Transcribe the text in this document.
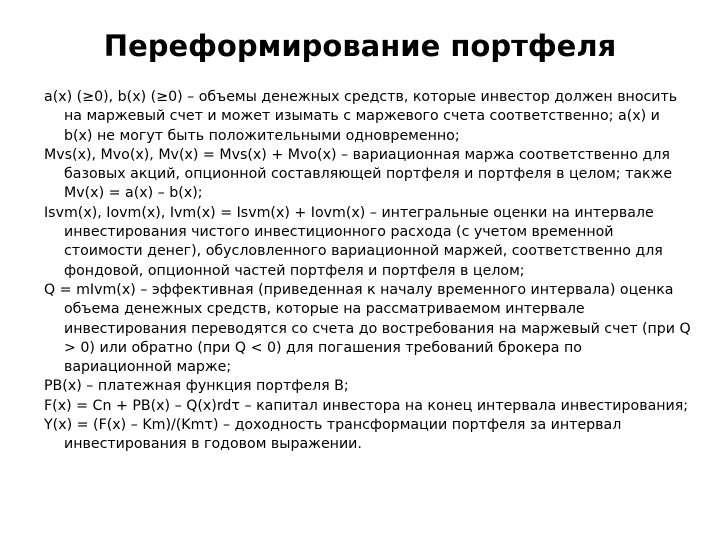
Переформирование портфеля

a(x) (≥0), b(x) (≥0) – объемы денежных средств, которые инвестор должен вносить на маржевый счет и может изымать с маржевого счета соответственно; a(x) и b(x) не могут быть положительными одновременно;

Mvs(x), Mvo(x), Mv(x) = Mvs(x) + Mvo(x) – вариационная маржа соответственно для базовых акций, опционной составляющей портфеля и портфеля в целом; также Mv(x) = a(x) – b(x);

Isvm(x), Iovm(x), Ivm(x) = Isvm(x) + Iovm(x) – интегральные оценки на интервале инвестирования чистого инвестиционного расхода (с учетом временной стоимости денег), обусловленного вариационной маржей, соответственно для фондовой, опционной частей портфеля и портфеля в целом;

Q = mIvm(x) – эффективная (приведенная к началу временного интервала) оценка объема денежных средств, которые на рассматриваемом интервале инвестирования переводятся со счета до востребования на маржевый счет (при Q > 0) или обратно (при Q < 0) для погашения требований брокера по вариационной марже;

PB(x) – платежная функция портфеля B;

F(x) = Cn + PB(x) – Q(x)rdτ – капитал инвестора на конец интервала инвестирования;

Y(x) = (F(x) – Km)/(Kmτ) – доходность трансформации портфеля за интервал инвестирования в годовом выражении.
